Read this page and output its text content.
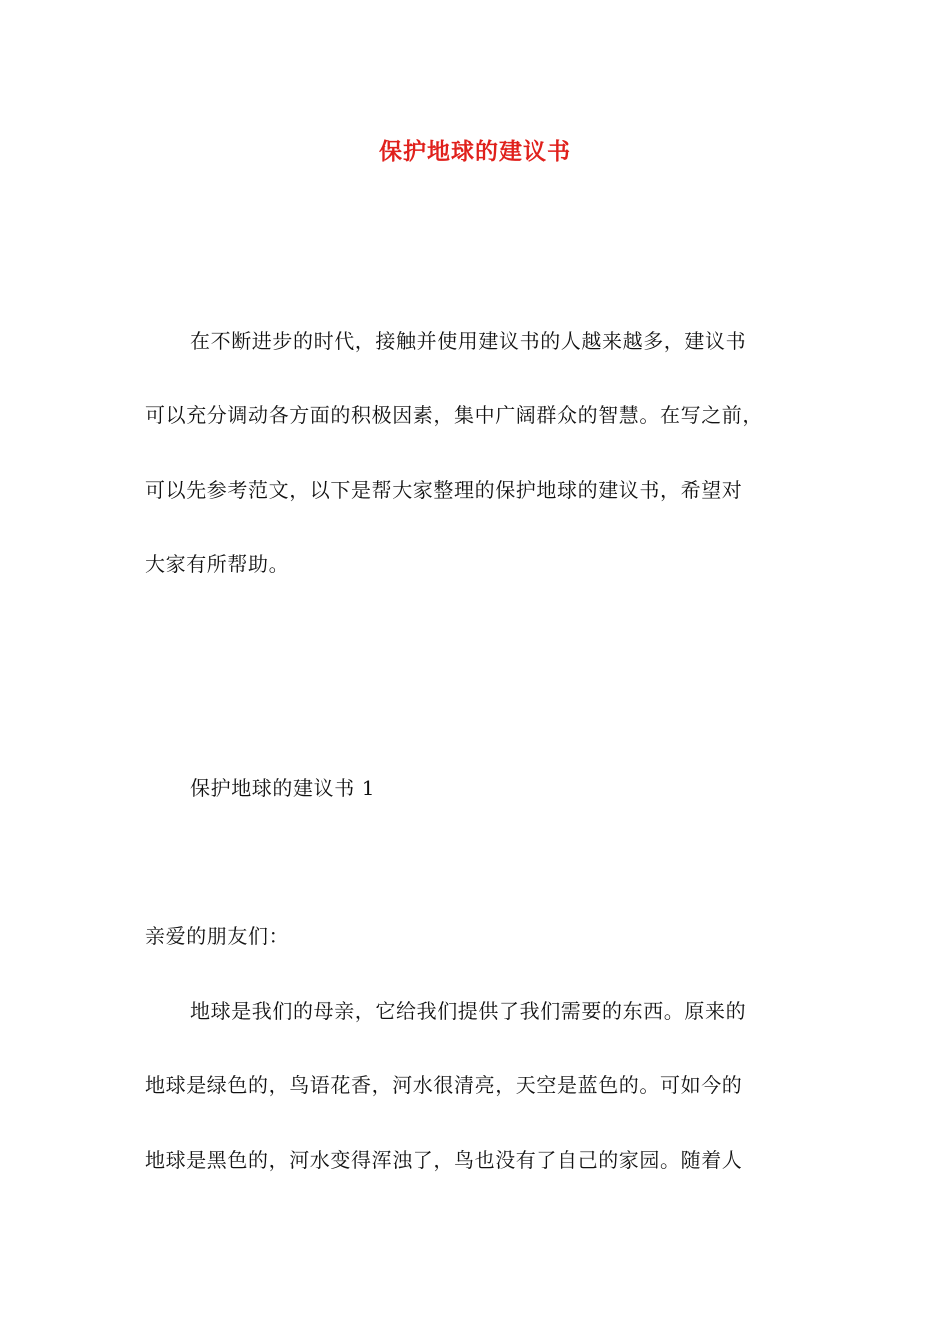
保护地球的建议书
在不断进步的时代，接触并使用建议书的人越来越多，建议书
可以充分调动各方面的积极因素，集中广阔群众的智慧。在写之前，
可以先参考范文，以下是帮大家整理的保护地球的建议书，希望对
大家有所帮助。
保护地球的建议书 1
亲爱的朋友们：
地球是我们的母亲，它给我们提供了我们需要的东西。原来的
地球是绿色的，鸟语花香，河水很清亮，天空是蓝色的。可如今的
地球是黑色的，河水变得浑浊了，鸟也没有了自己的家园。随着人
